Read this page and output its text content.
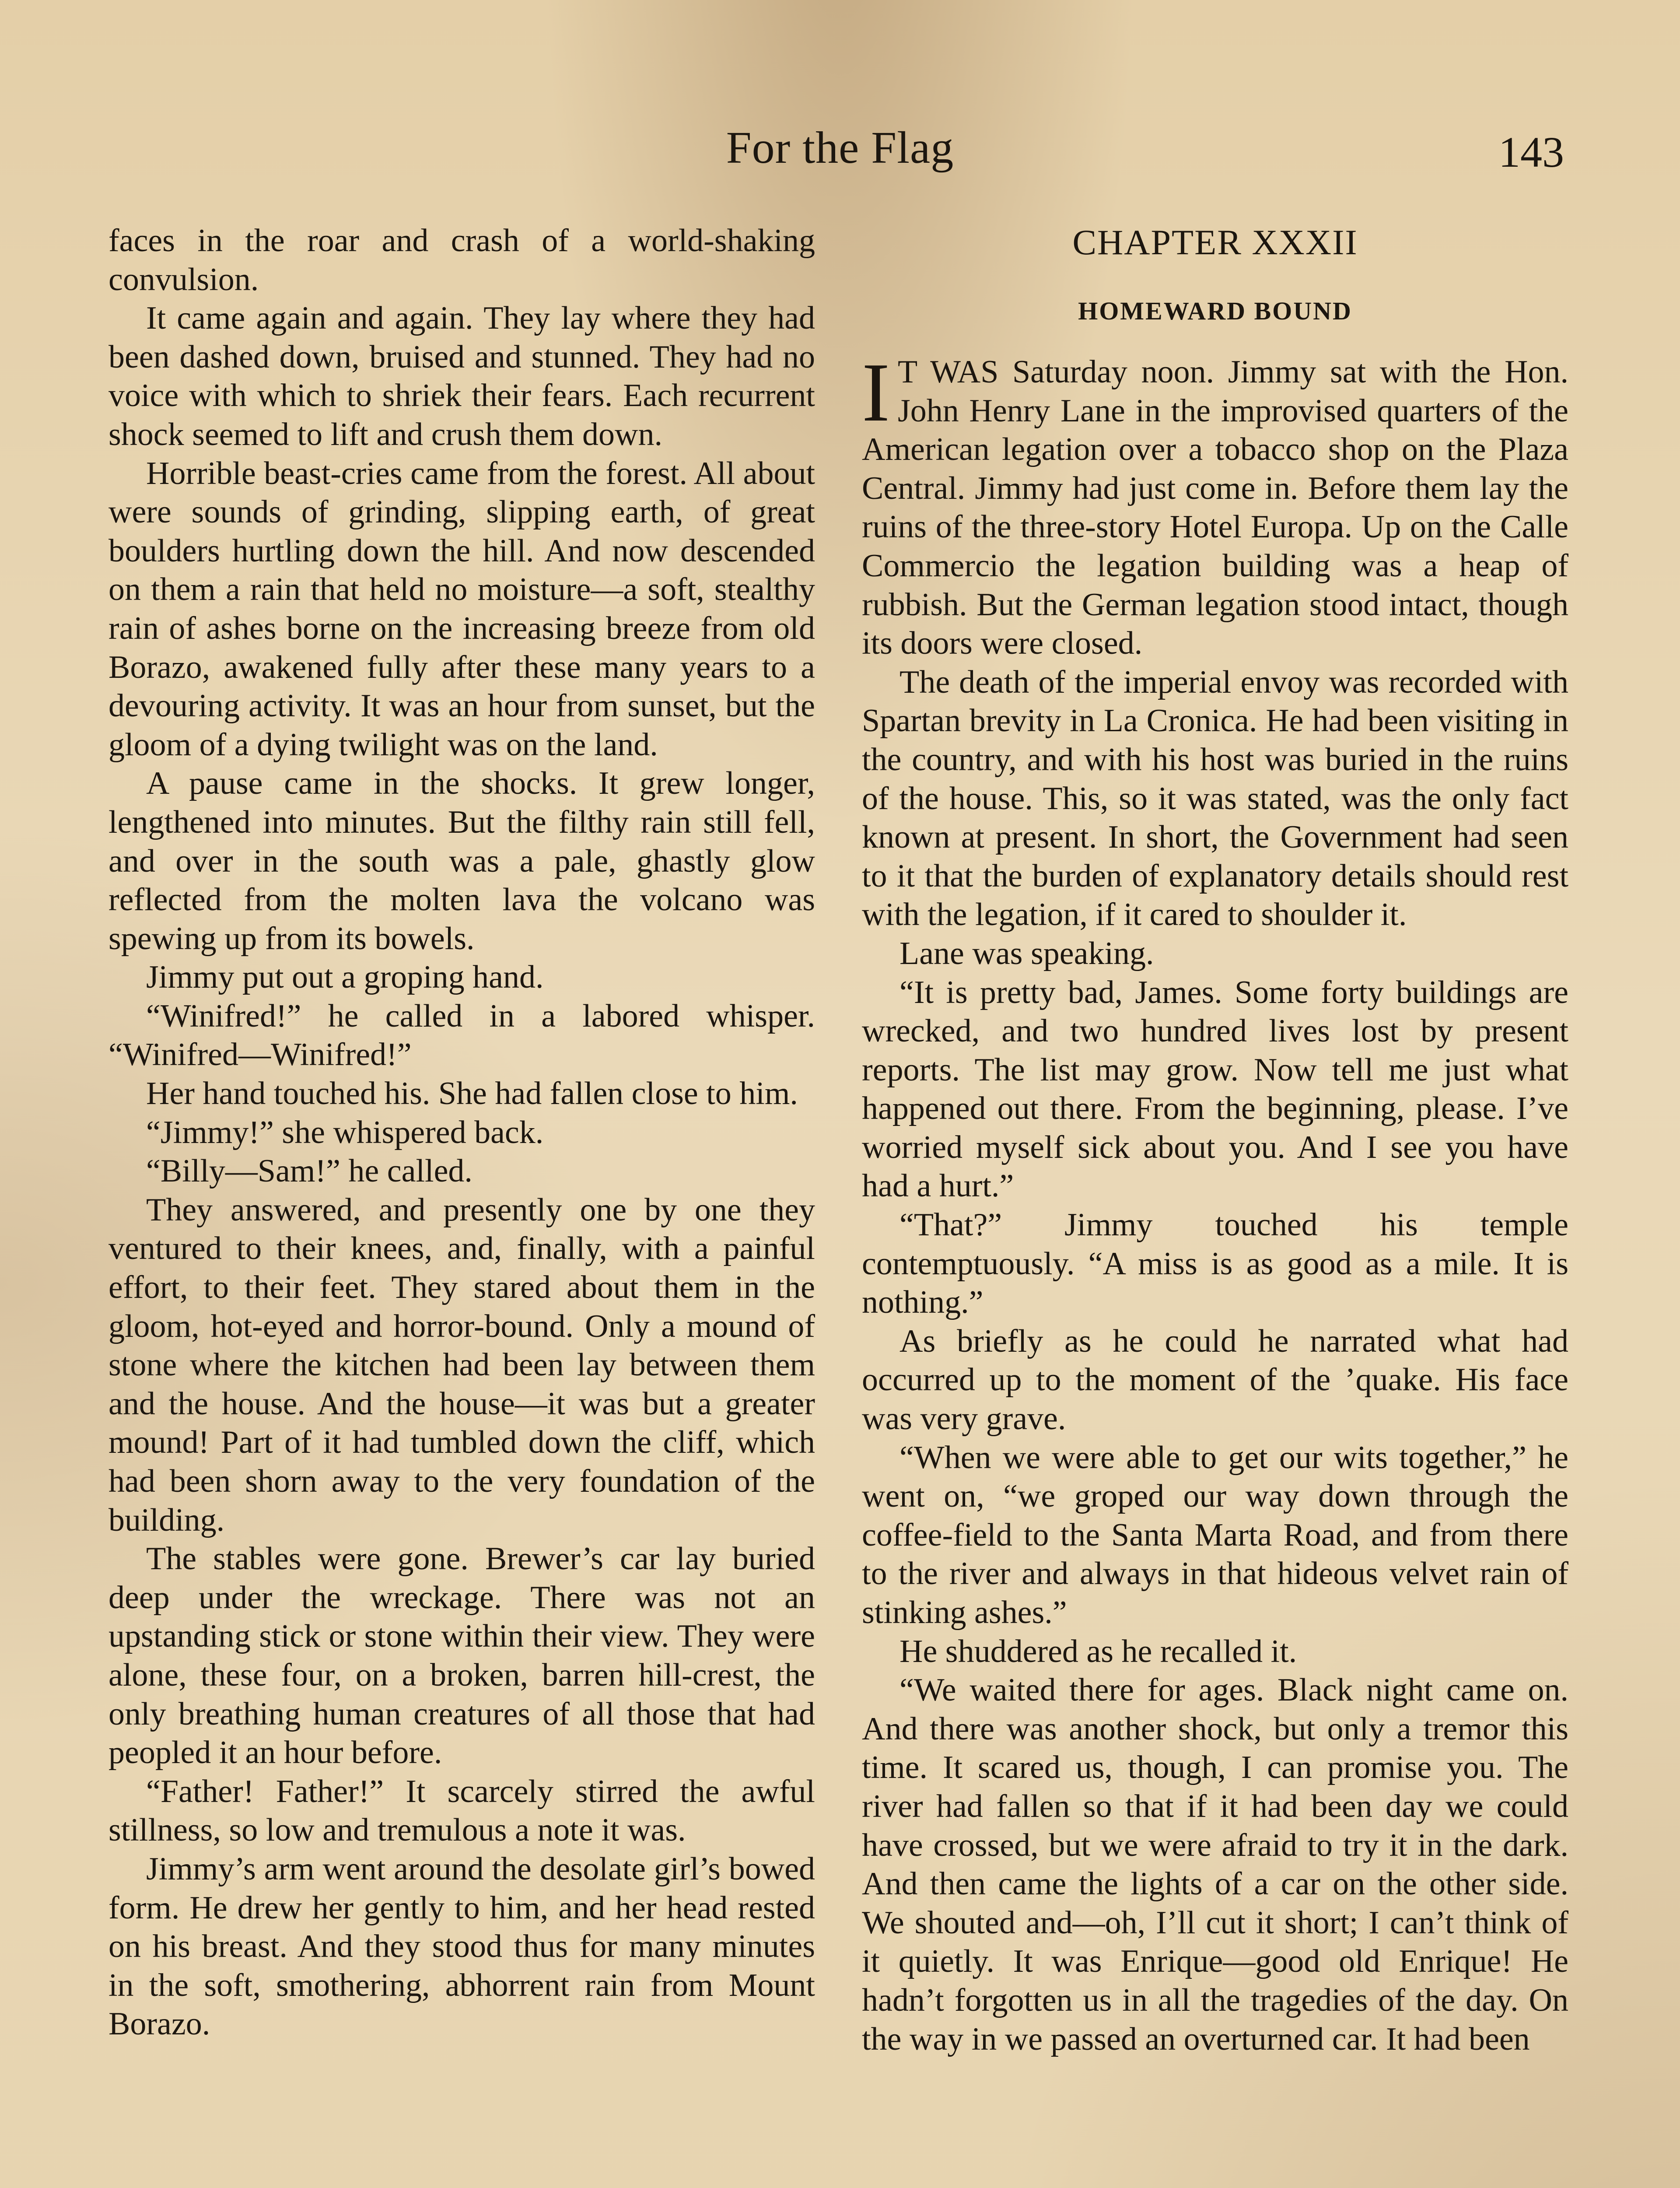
For the Flag	143

faces in the roar and crash of a world-shaking convulsion.

It came again and again. They lay where they had been dashed down, bruised and stunned. They had no voice with which to shriek their fears. Each recurrent shock seemed to lift and crush them down.

Horrible beast-cries came from the forest. All about were sounds of grinding, slipping earth, of great boulders hurtling down the hill. And now descended on them a rain that held no moisture—a soft, stealthy rain of ashes borne on the increasing breeze from old Borazo, awakened fully after these many years to a devouring activity. It was an hour from sunset, but the gloom of a dying twilight was on the land.

A pause came in the shocks. It grew longer, lengthened into minutes. But the filthy rain still fell, and over in the south was a pale, ghastly glow reflected from the molten lava the volcano was spewing up from its bowels.

Jimmy put out a groping hand.

“Winifred!” he called in a labored whisper. “Winifred—Winifred!”

Her hand touched his. She had fallen close to him.

“Jimmy!” she whispered back.

“Billy—Sam!” he called.

They answered, and presently one by one they ventured to their knees, and, finally, with a painful effort, to their feet. They stared about them in the gloom, hot-eyed and horror-bound. Only a mound of stone where the kitchen had been lay between them and the house. And the house—it was but a greater mound! Part of it had tumbled down the cliff, which had been shorn away to the very foundation of the building.

The stables were gone. Brewer’s car lay buried deep under the wreckage. There was not an upstanding stick or stone within their view. They were alone, these four, on a broken, barren hill-crest, the only breathing human creatures of all those that had peopled it an hour before.

“Father! Father!” It scarcely stirred the awful stillness, so low and tremulous a note it was.

Jimmy’s arm went around the desolate girl’s bowed form. He drew her gently to him, and her head rested on his breast. And they stood thus for many minutes in the soft, smothering, abhorrent rain from Mount Borazo.

CHAPTER XXXII
HOMEWARD BOUND

I T WAS Saturday noon. Jimmy sat with the Hon. John Henry Lane in the improvised quarters of the American legation over a tobacco shop on the Plaza Central. Jimmy had just come in. Before them lay the ruins of the three-story Hotel Europa. Up on the Calle Commercio the legation building was a heap of rubbish. But the German legation stood intact, though its doors were closed.

The death of the imperial envoy was recorded with Spartan brevity in La Cronica. He had been visiting in the country, and with his host was buried in the ruins of the house. This, so it was stated, was the only fact known at present. In short, the Government had seen to it that the burden of explanatory details should rest with the legation, if it cared to shoulder it.

Lane was speaking.

“It is pretty bad, James. Some forty buildings are wrecked, and two hundred lives lost by present reports. The list may grow. Now tell me just what happened out there. From the beginning, please. I’ve worried myself sick about you. And I see you have had a hurt.”

“That?” Jimmy touched his temple contemptuously. “A miss is as good as a mile. It is nothing.”

As briefly as he could he narrated what had occurred up to the moment of the ’quake. His face was very grave.

“When we were able to get our wits together,” he went on, “we groped our way down through the coffee-field to the Santa Marta Road, and from there to the river and always in that hideous velvet rain of stinking ashes.”

He shuddered as he recalled it.

“We waited there for ages. Black night came on. And there was another shock, but only a tremor this time. It scared us, though, I can promise you. The river had fallen so that if it had been day we could have crossed, but we were afraid to try it in the dark. And then came the lights of a car on the other side. We shouted and—oh, I’ll cut it short; I can’t think of it quietly. It was Enrique—good old Enrique! He hadn’t forgotten us in all the tragedies of the day. On the way in we passed an overturned car. It had been
